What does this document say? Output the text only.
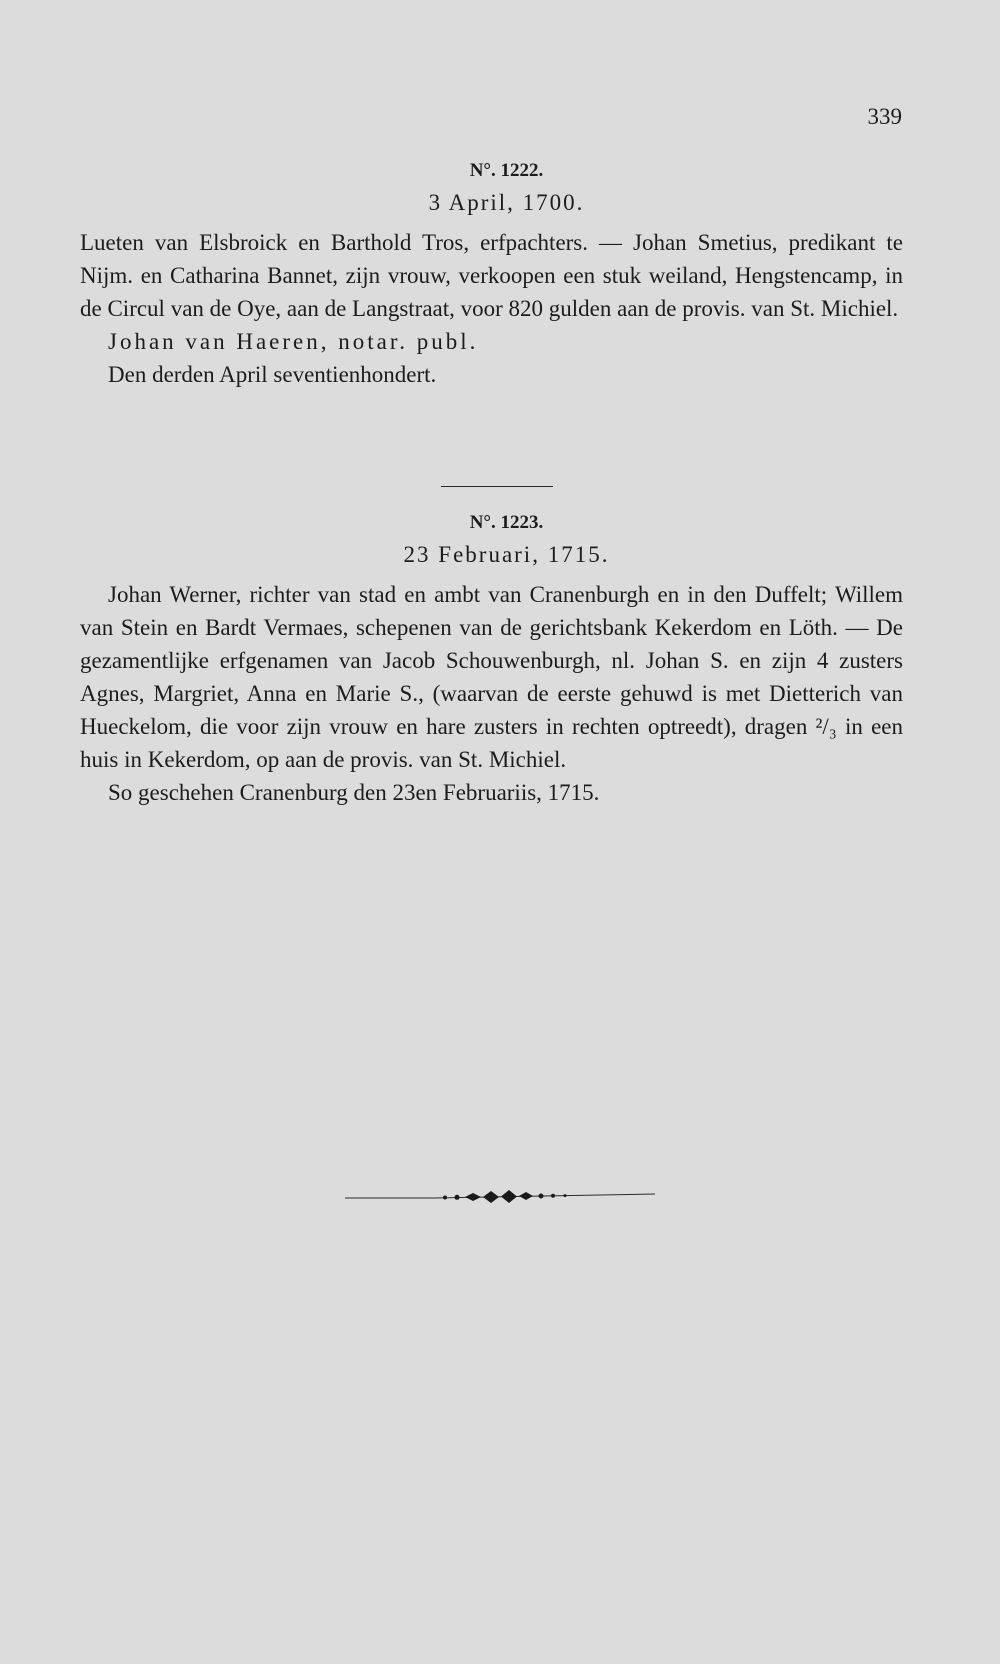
339
N°. 1222.
3 April, 1700.

Lueten van Elsbroick en Barthold Tros, erfpachters. — Johan Smetius, predikant te Nijm. en Catharina Bannet, zijn vrouw, verkoopen een stuk weiland, Hengstencamp, in de Circul van de Oye, aan de Langstraat, voor 820 gulden aan de provis. van St. Michiel.

Johan van Haeren, notar. publ.

Den derden April seventienhondert.

N°. 1223.
23 Februari, 1715.

Johan Werner, richter van stad en ambt van Cranenburgh en in den Duffelt; Willem van Stein en Bardt Vermaes, schepenen van de gerichtsbank Kekerdom en Löth. — De gezamentlijke erfgenamen van Jacob Schouwenburgh, nl. Johan S. en zijn 4 zusters Agnes, Margriet, Anna en Marie S., (waarvan de eerste gehuwd is met Dietterich van Hueckelom, die voor zijn vrouw en hare zusters in rechten optreedt), dragen ²/₃ in een huis in Kekerdom, op aan de provis. van St. Michiel.

So geschehen Cranenburg den 23en Februariis, 1715.
